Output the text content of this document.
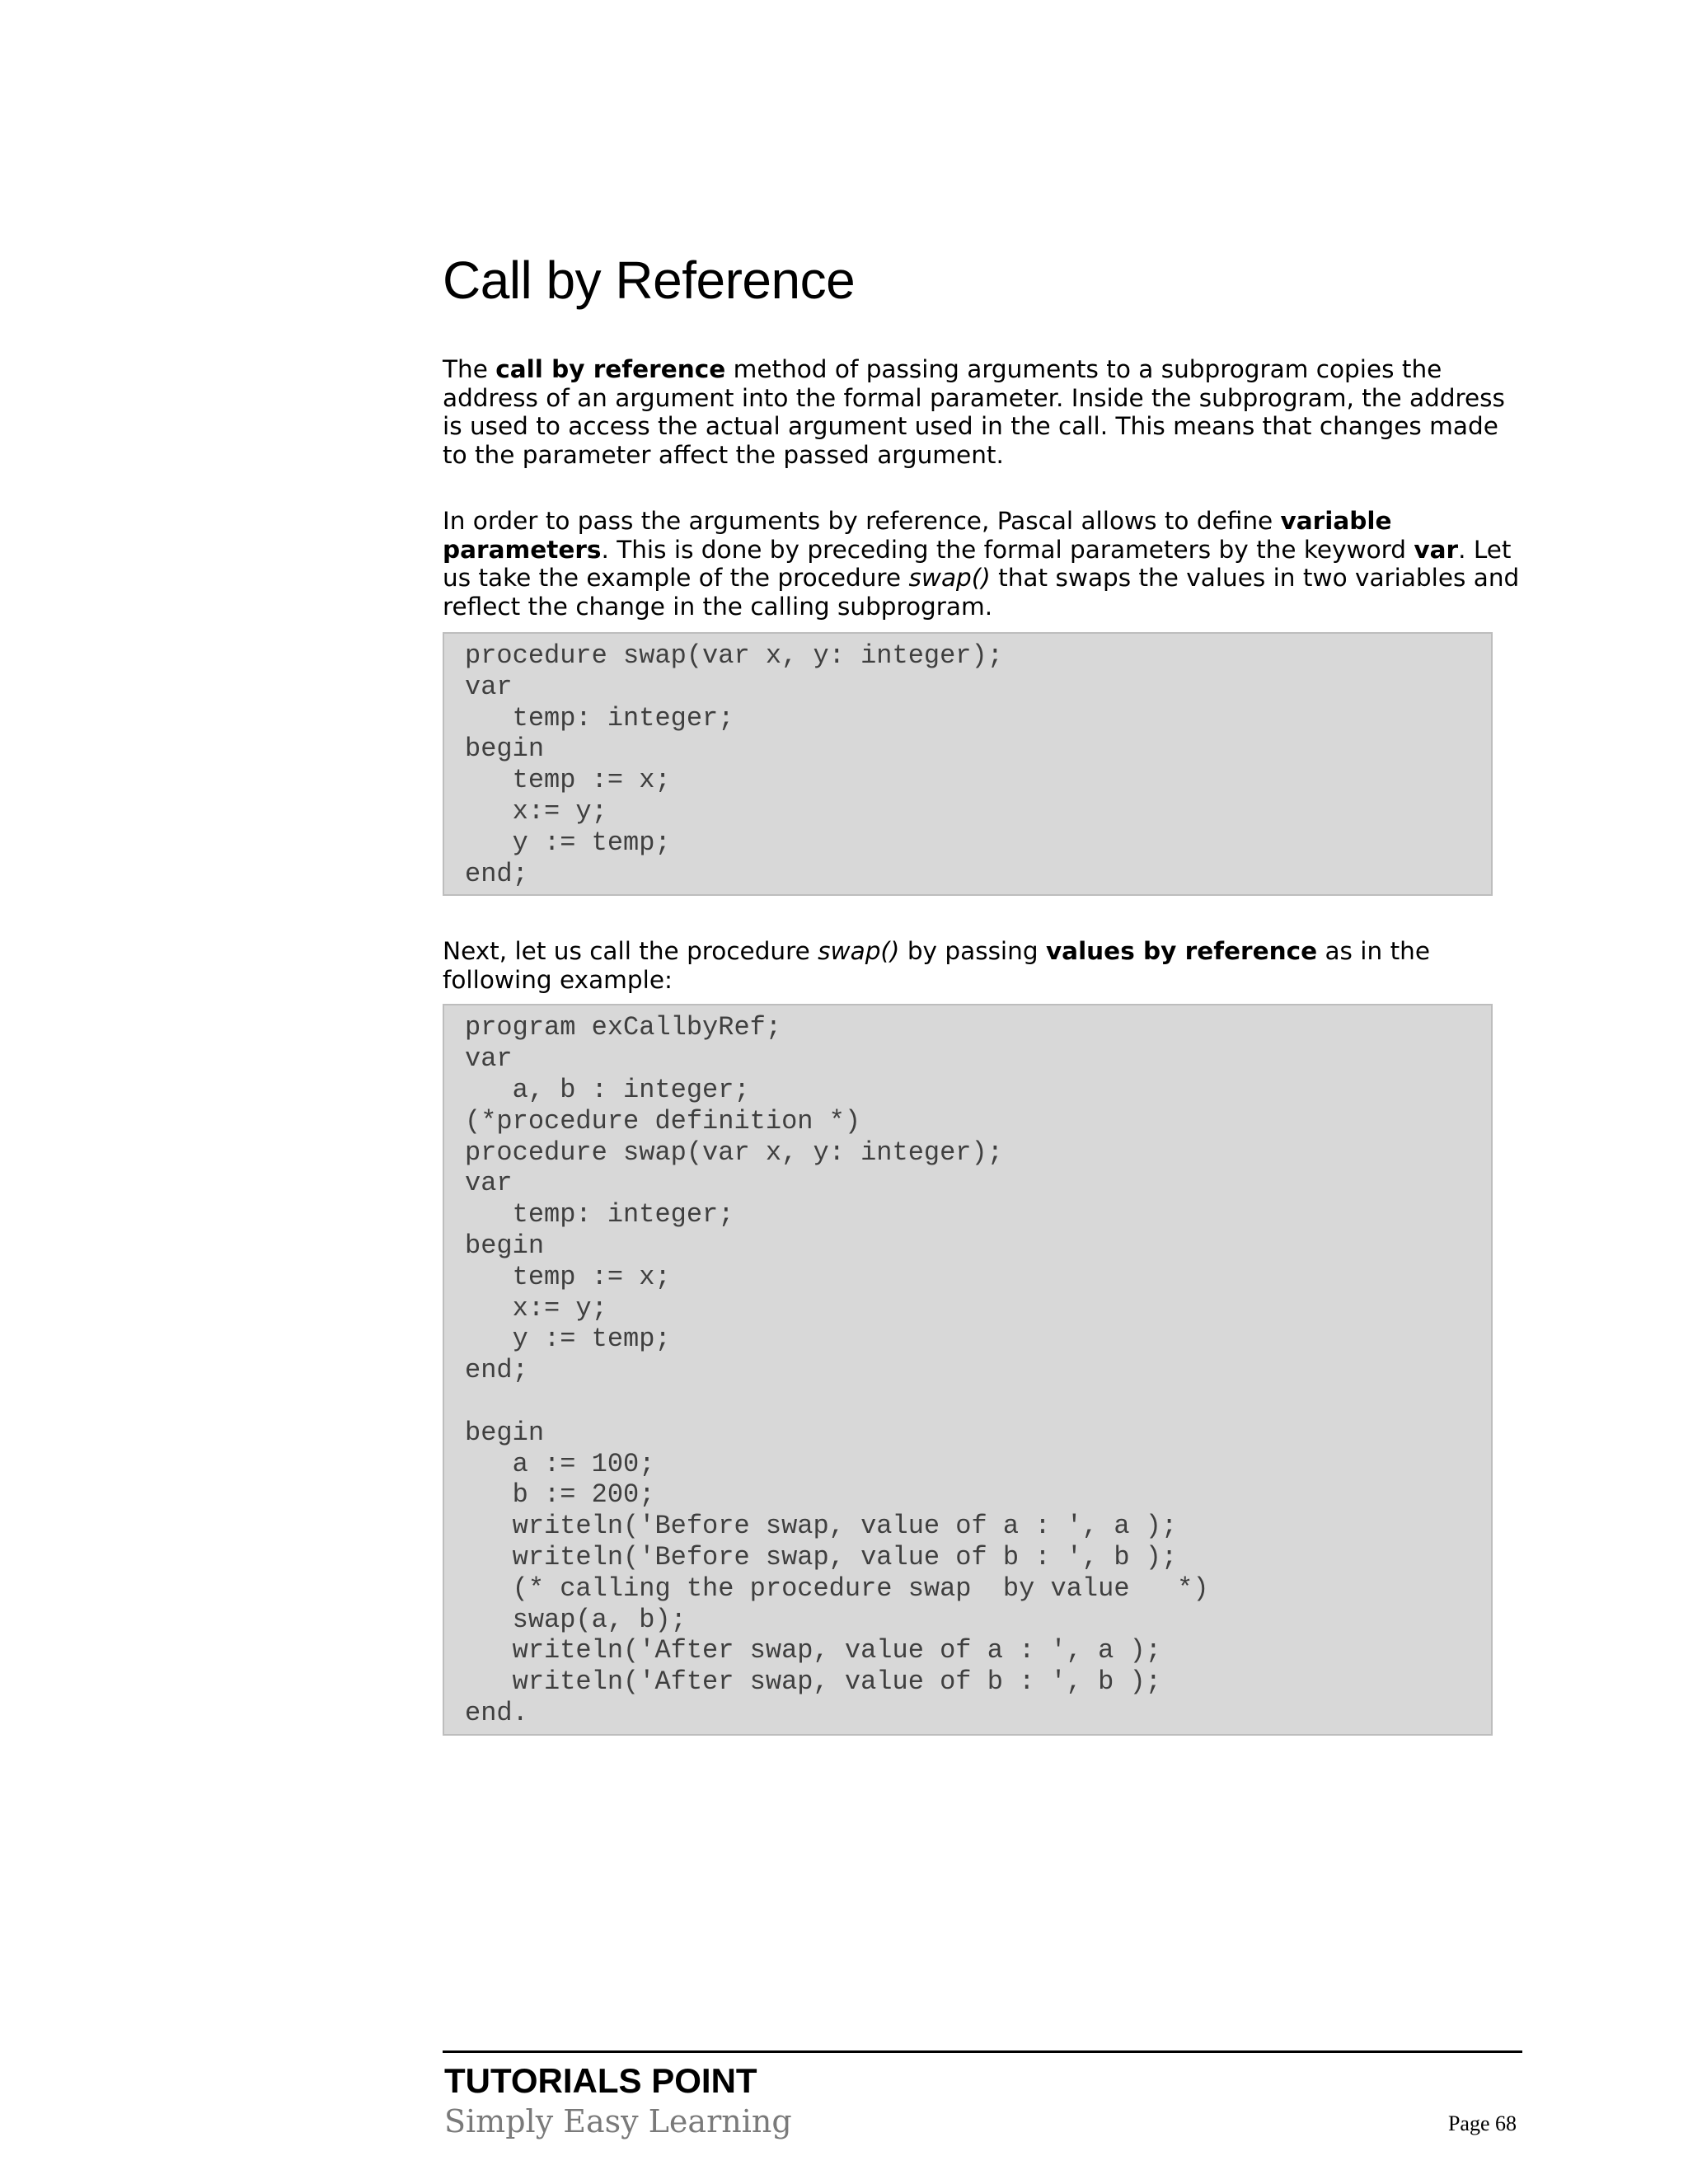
Call by Reference

The call by reference method of passing arguments to a subprogram copies the address of an argument into the formal parameter. Inside the subprogram, the address is used to access the actual argument used in the call. This means that changes made to the parameter affect the passed argument.

In order to pass the arguments by reference, Pascal allows to define variable parameters. This is done by preceding the formal parameters by the keyword var. Let us take the example of the procedure swap() that swaps the values in two variables and reflect the change in the calling subprogram.

procedure swap(var x, y: integer);
var
temp: integer;
begin
temp := x;
x:= y;
y := temp;
end;

Next, let us call the procedure swap() by passing values by reference as in the following example:

program exCallbyRef;
var
a, b : integer;
(*procedure definition *)
procedure swap(var x, y: integer);
var
temp: integer;
begin
temp := x;
x:= y;
y := temp;
end;

begin
a := 100;
b := 200;
writeln('Before swap, value of a : ', a );
writeln('Before swap, value of b : ', b );
(* calling the procedure swap  by value   *)
swap(a, b);
writeln('After swap, value of a : ', a );
writeln('After swap, value of b : ', b );
end.
TUTORIALS POINT
Simply Easy Learning	Page 68
